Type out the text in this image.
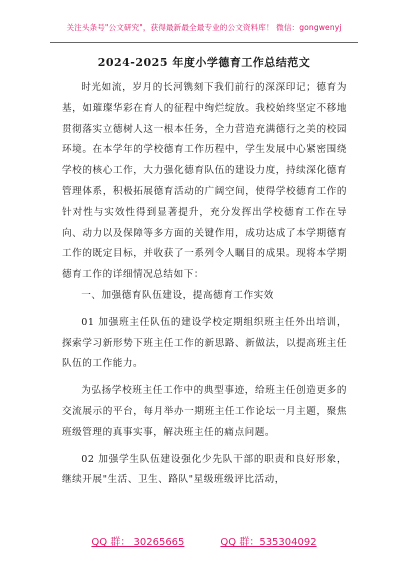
关注头条号"公文研究"，获得最新最全最专业的公文资料库！ 微信：gongwenyj
2024-2025 年度小学德育工作总结范文

时光如流，岁月的长河镌刻下我们前行的深深印记；德育为基，如璀璨华彩在育人的征程中绚烂绽放。我校始终坚定不移地贯彻落实立德树人这一根本任务，全力营造充满德行之美的校园环境。在本学年的学校德育工作历程中，学生发展中心紧密围绕学校的核心工作，大力强化德育队伍的建设力度，持续深化德育管理体系，积极拓展德育活动的广阔空间，使得学校德育工作的针对性与实效性得到显著提升，充分发挥出学校德育工作在导向、动力以及保障等多方面的关键作用，成功达成了本学期德育工作的既定目标，并收获了一系列令人瞩目的成果。现将本学期德育工作的详细情况总结如下：

一、加强德育队伍建设，提高德育工作实效

01 加强班主任队伍的建设学校定期组织班主任外出培训，探索学习新形势下班主任工作的新思路、新做法，以提高班主任队伍的工作能力。

为弘扬学校班主任工作中的典型事迹，给班主任创造更多的交流展示的平台，每月举办一期班主任工作论坛一月主题，聚焦班级管理的真事实事，解决班主任的痛点问题。

02 加强学生队伍建设强化少先队干部的职责和良好形象，继续开展"生活、卫生、路队"星级班级评比活动，

QQ 群： 30265665	QQ 群：535304092
